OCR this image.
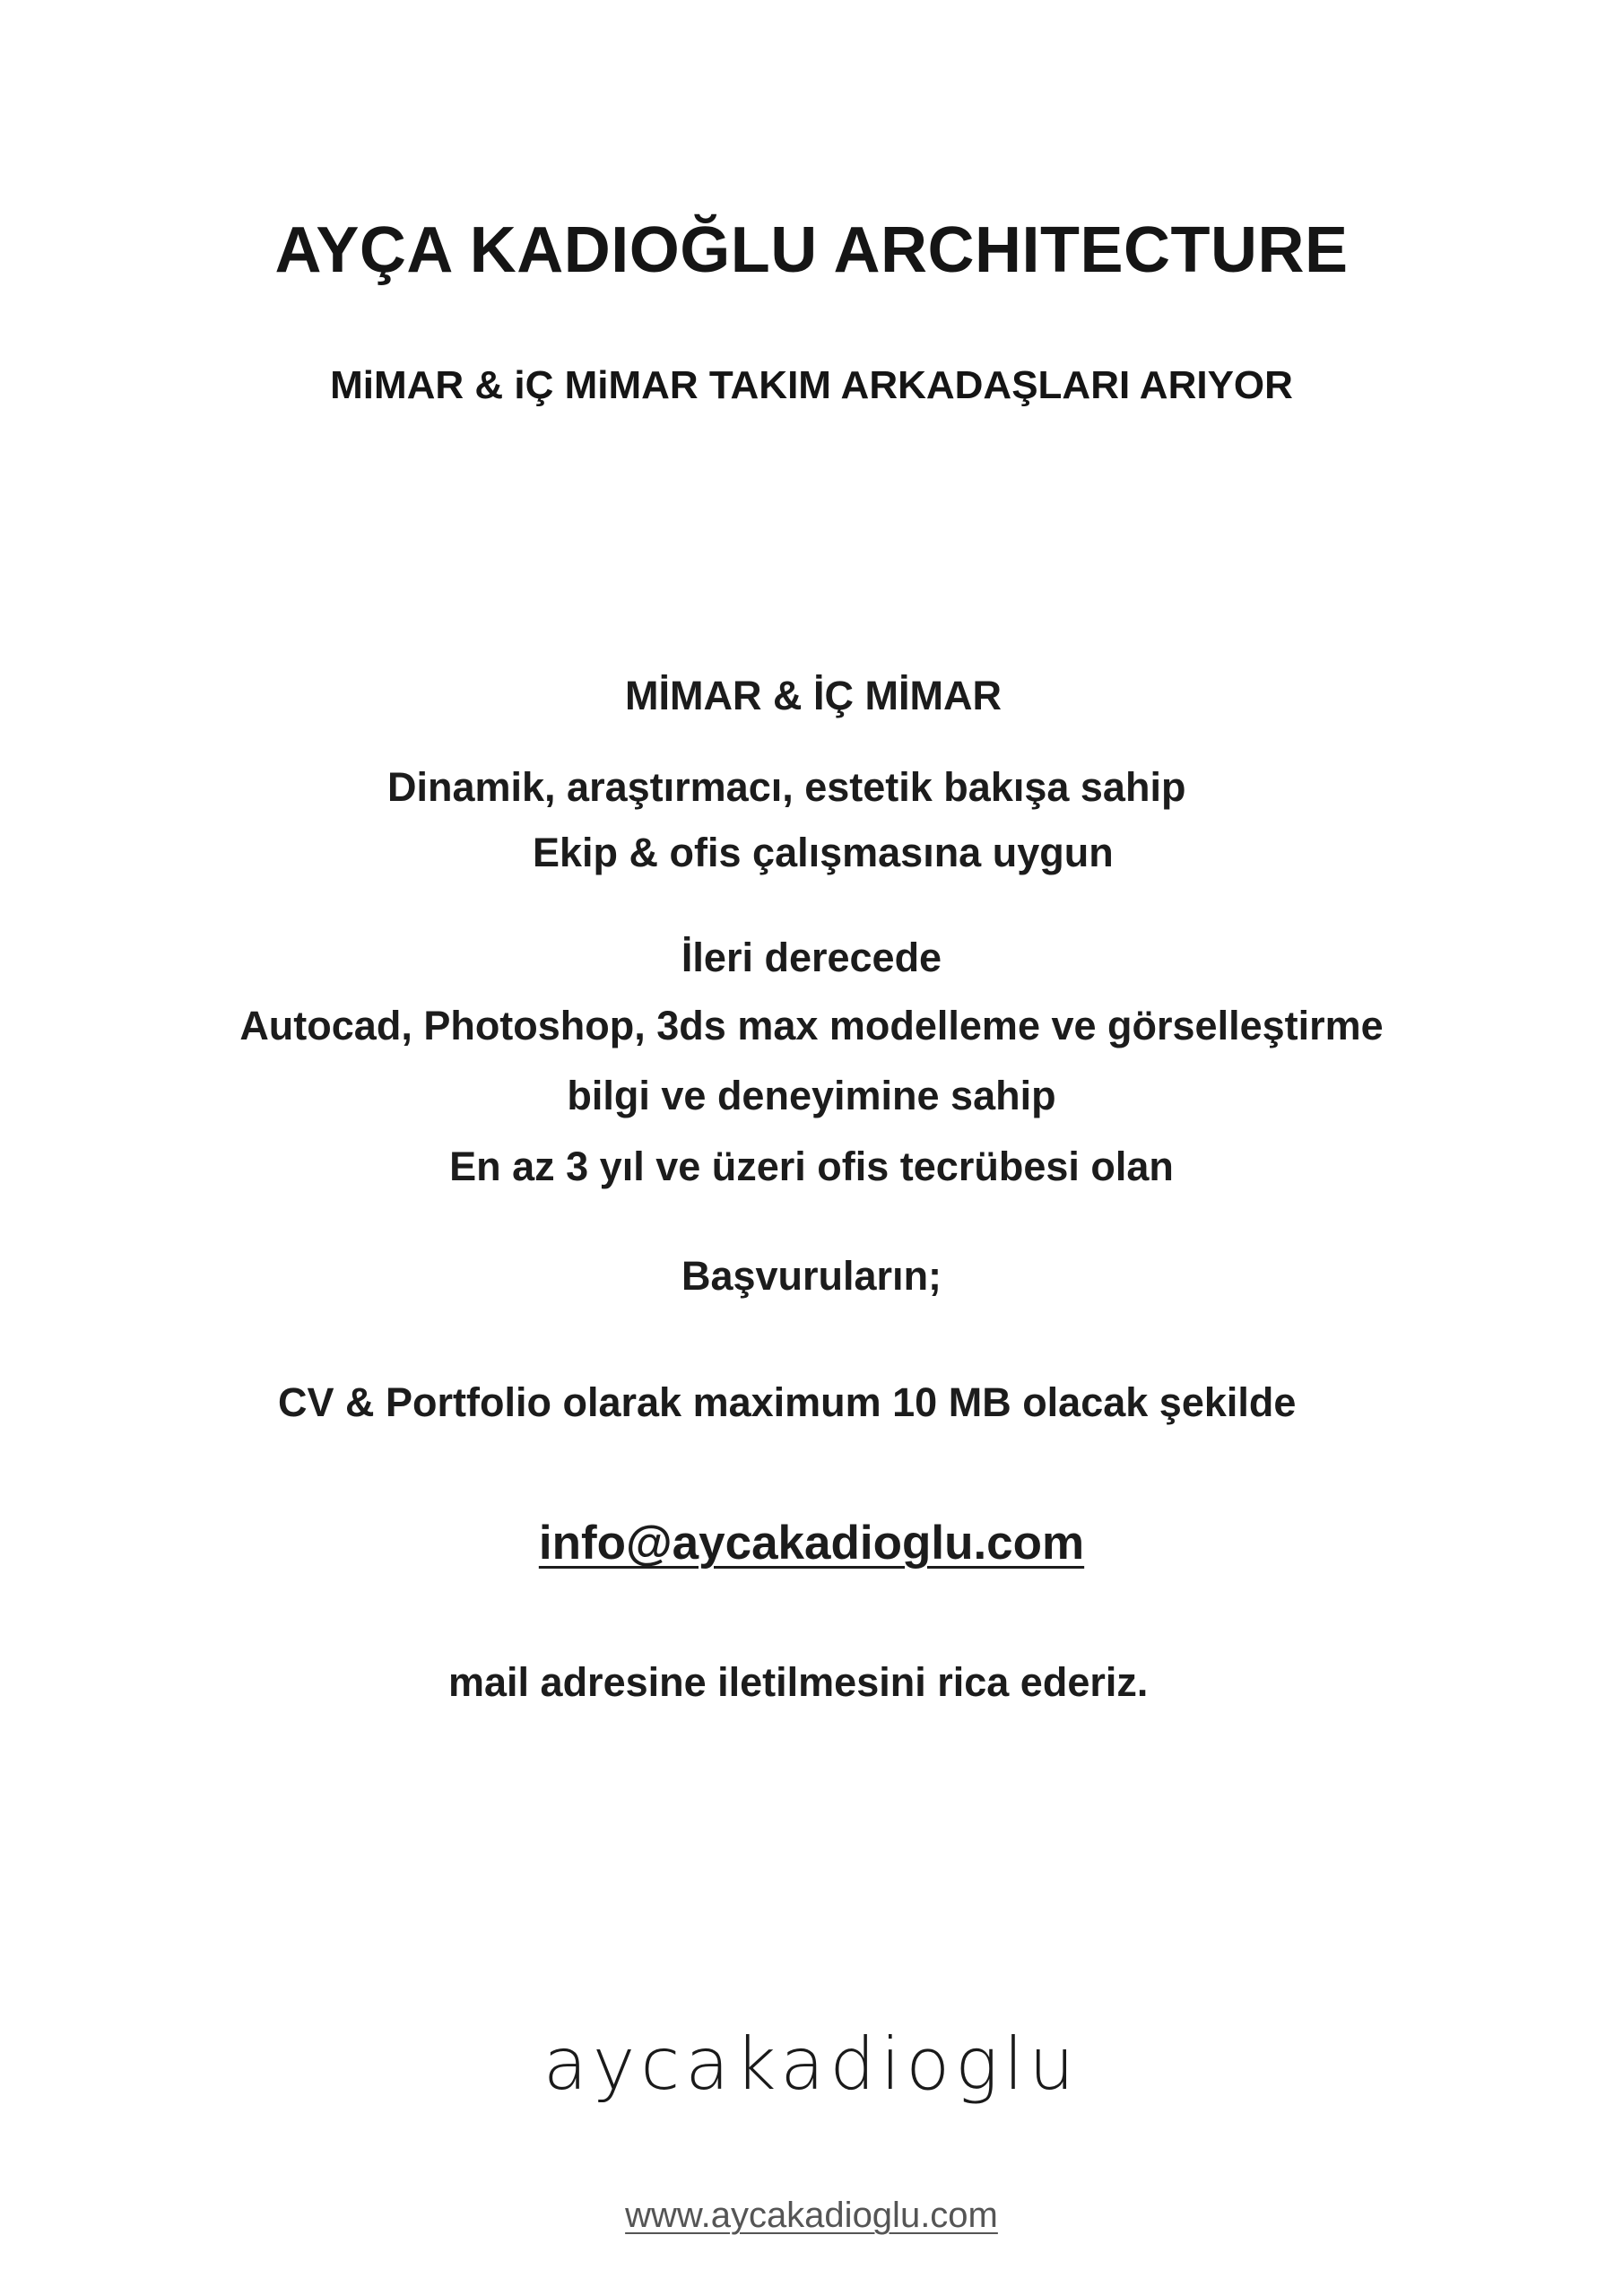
AYÇA KADIOĞLU ARCHITECTURE
MiMAR & iÇ MiMAR TAKIM ARKADAŞLARI ARIYOR
MİMAR & İÇ MİMAR
Dinamik, araştırmacı, estetik bakışa sahip
Ekip & ofis çalışmasına uygun
İleri derecede
Autocad, Photoshop, 3ds max modelleme ve görselleştirme
bilgi ve deneyimine sahip
En az 3 yıl ve üzeri ofis tecrübesi olan
Başvuruların;
CV & Portfolio olarak maximum 10 MB olacak şekilde
info@aycakadioglu.com
mail adresine iletilmesini rica ederiz.
aycakadioglu
www.aycakadioglu.com
